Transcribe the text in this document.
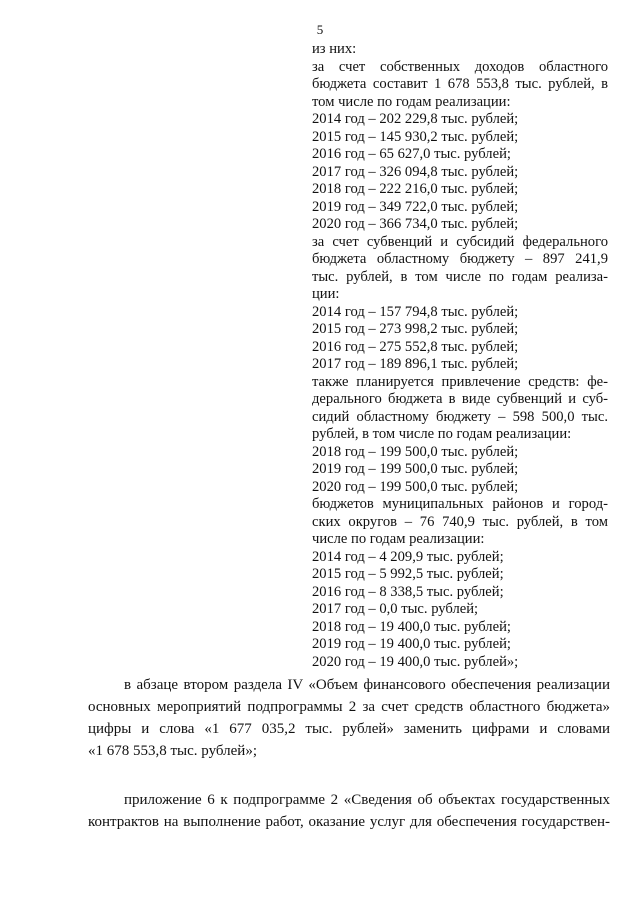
5
из них:
за счет собственных доходов областного
бюджета составит 1 678 553,8 тыс. рублей, в
том числе по годам реализации:
2014 год – 202 229,8 тыс. рублей;
2015 год – 145 930,2 тыс. рублей;
2016 год – 65 627,0 тыс. рублей;
2017 год – 326 094,8 тыс. рублей;
2018 год – 222 216,0 тыс. рублей;
2019 год – 349 722,0 тыс. рублей;
2020 год – 366 734,0 тыс. рублей;
за счет субвенций и субсидий федерального
бюджета областному бюджету – 897 241,9
тыс. рублей, в том числе по годам реализа-
ции:
2014 год – 157 794,8 тыс. рублей;
2015 год – 273 998,2 тыс. рублей;
2016 год – 275 552,8 тыс. рублей;
2017 год – 189 896,1 тыс. рублей;
также планируется привлечение средств: фе-
дерального бюджета в виде субвенций и суб-
сидий областному бюджету – 598 500,0 тыс.
рублей, в том числе по годам реализации:
2018 год – 199 500,0 тыс. рублей;
2019 год – 199 500,0 тыс. рублей;
2020 год – 199 500,0 тыс. рублей;
бюджетов муниципальных районов и город-
ских округов – 76 740,9 тыс. рублей, в том
числе по годам реализации:
2014 год – 4 209,9 тыс. рублей;
2015 год – 5 992,5 тыс. рублей;
2016 год – 8 338,5 тыс. рублей;
2017 год – 0,0 тыс. рублей;
2018 год – 19 400,0 тыс. рублей;
2019 год – 19 400,0 тыс. рублей;
2020 год – 19 400,0 тыс. рублей»;
в абзаце втором раздела IV «Объем финансового обеспечения реализации
основных мероприятий подпрограммы 2 за счет средств областного бюджета»
цифры и слова «1 677 035,2 тыс. рублей» заменить цифрами и словами
«1 678 553,8 тыс. рублей»;
приложение 6 к подпрограмме 2 «Сведения об объектах государственных
контрактов на выполнение работ, оказание услуг для обеспечения государствен-
